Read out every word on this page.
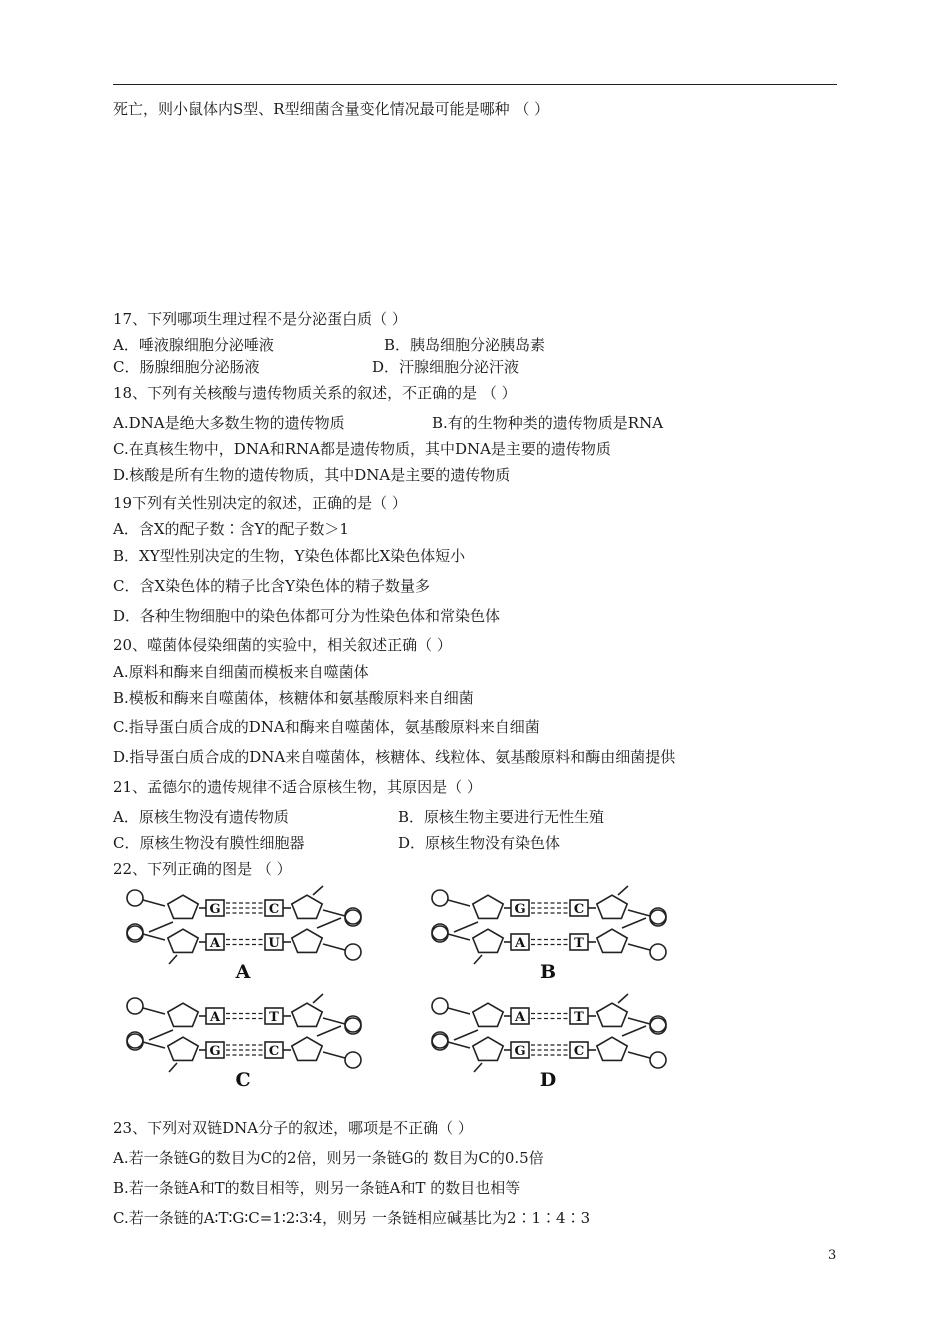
死亡，则小鼠体内S型、R型细菌含量变化情况最可能是哪种 （ ）
17、下列哪项生理过程不是分泌蛋白质（ ）
A．唾液腺细胞分泌唾液	B．胰岛细胞分泌胰岛素
C．肠腺细胞分泌肠液	D．汗腺细胞分泌汗液
18、下列有关核酸与遗传物质关系的叙述，不正确的是 （ ）
A.DNA是绝大多数生物的遗传物质	B.有的生物种类的遗传物质是RNA
C.在真核生物中，DNA和RNA都是遗传物质，其中DNA是主要的遗传物质
D.核酸是所有生物的遗传物质，其中DNA是主要的遗传物质
19下列有关性别决定的叙述，正确的是（ ）
A．含X的配子数∶含Y的配子数＞1
B．XY型性别决定的生物，Y染色体都比X染色体短小
C．含X染色体的精子比含Y染色体的精子数量多
D．各种生物细胞中的染色体都可分为性染色体和常染色体
20、噬菌体侵染细菌的实验中，相关叙述正确（ ）
A.原料和酶来自细菌而模板来自噬菌体
B.模板和酶来自噬菌体，核糖体和氨基酸原料来自细菌
C.指导蛋白质合成的DNA和酶来自噬菌体，氨基酸原料来自细菌
D.指导蛋白质合成的DNA来自噬菌体，核糖体、线粒体、氨基酸原料和酶由细菌提供
21、孟德尔的遗传规律不适合原核生物，其原因是（ ）
A．原核生物没有遗传物质	B．原核生物主要进行无性生殖
C．原核生物没有膜性细胞器	D．原核生物没有染色体
22、下列正确的图是 （ ）
G	C
A	U
A
G	C
A	T
B
A	T
G	C
C
A	T
G	C
D
23、下列对双链DNA分子的叙述，哪项是不正确（ ）
A.若一条链G的数目为C的2倍，则另一条链G的 数目为C的0.5倍
B.若一条链A和T的数目相等，则另一条链A和T 的数目也相等
C.若一条链的A∶T∶G∶C=1∶2∶3∶4，则另 一条链相应碱基比为2∶1∶4∶3
3
